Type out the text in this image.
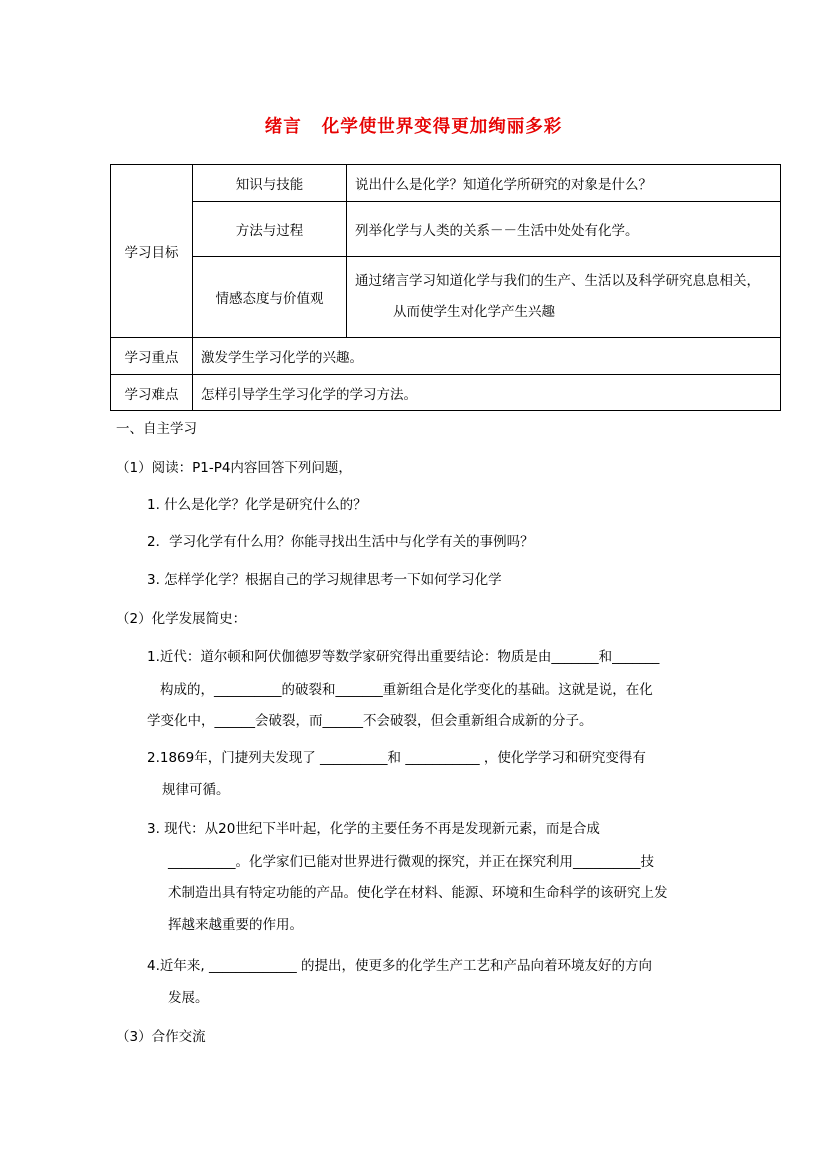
绪言 化学使世界变得更加绚丽多彩
学习目标	知识与技能	说出什么是化学？知道化学所研究的对象是什么？
	方法与过程	列举化学与人类的关系－－生活中处处有化学。
	情感态度与价值观	通过绪言学习知道化学与我们的生产、生活以及科学研究息息相关，
从而使学生对化学产生兴趣

学习重点	激发学生学习化学的兴趣。	
学习难点	怎样引导学生学习化学的学习方法。	
一、自主学习
（1）阅读：P1-P4内容回答下列问题，
1. 什么是化学？化学是研究什么的？
2．学习化学有什么用？你能寻找出生活中与化学有关的事例吗？
3. 怎样学化学？根据自己的学习规律思考一下如何学习化学
（2）化学发展简史：
1.近代：道尔顿和阿伏伽德罗等数学家研究得出重要结论：物质是由_______和_______
构成的，__________的破裂和_______重新组合是化学变化的基础。这就是说，在化
学变化中，______会破裂，而______不会破裂，但会重新组合成新的分子。
2.1869年，门捷列夫发现了 __________和 ___________ ，使化学学习和研究变得有
规律可循。
3. 现代：从20世纪下半叶起，化学的主要任务不再是发现新元素，而是合成
__________。化学家们已能对世界进行微观的探究，并正在探究利用__________技
术制造出具有特定功能的产品。使化学在材料、能源、环境和生命科学的该研究上发
挥越来越重要的作用。
4.近年来, _____________ 的提出，使更多的化学生产工艺和产品向着环境友好的方向
发展。
（3）合作交流
